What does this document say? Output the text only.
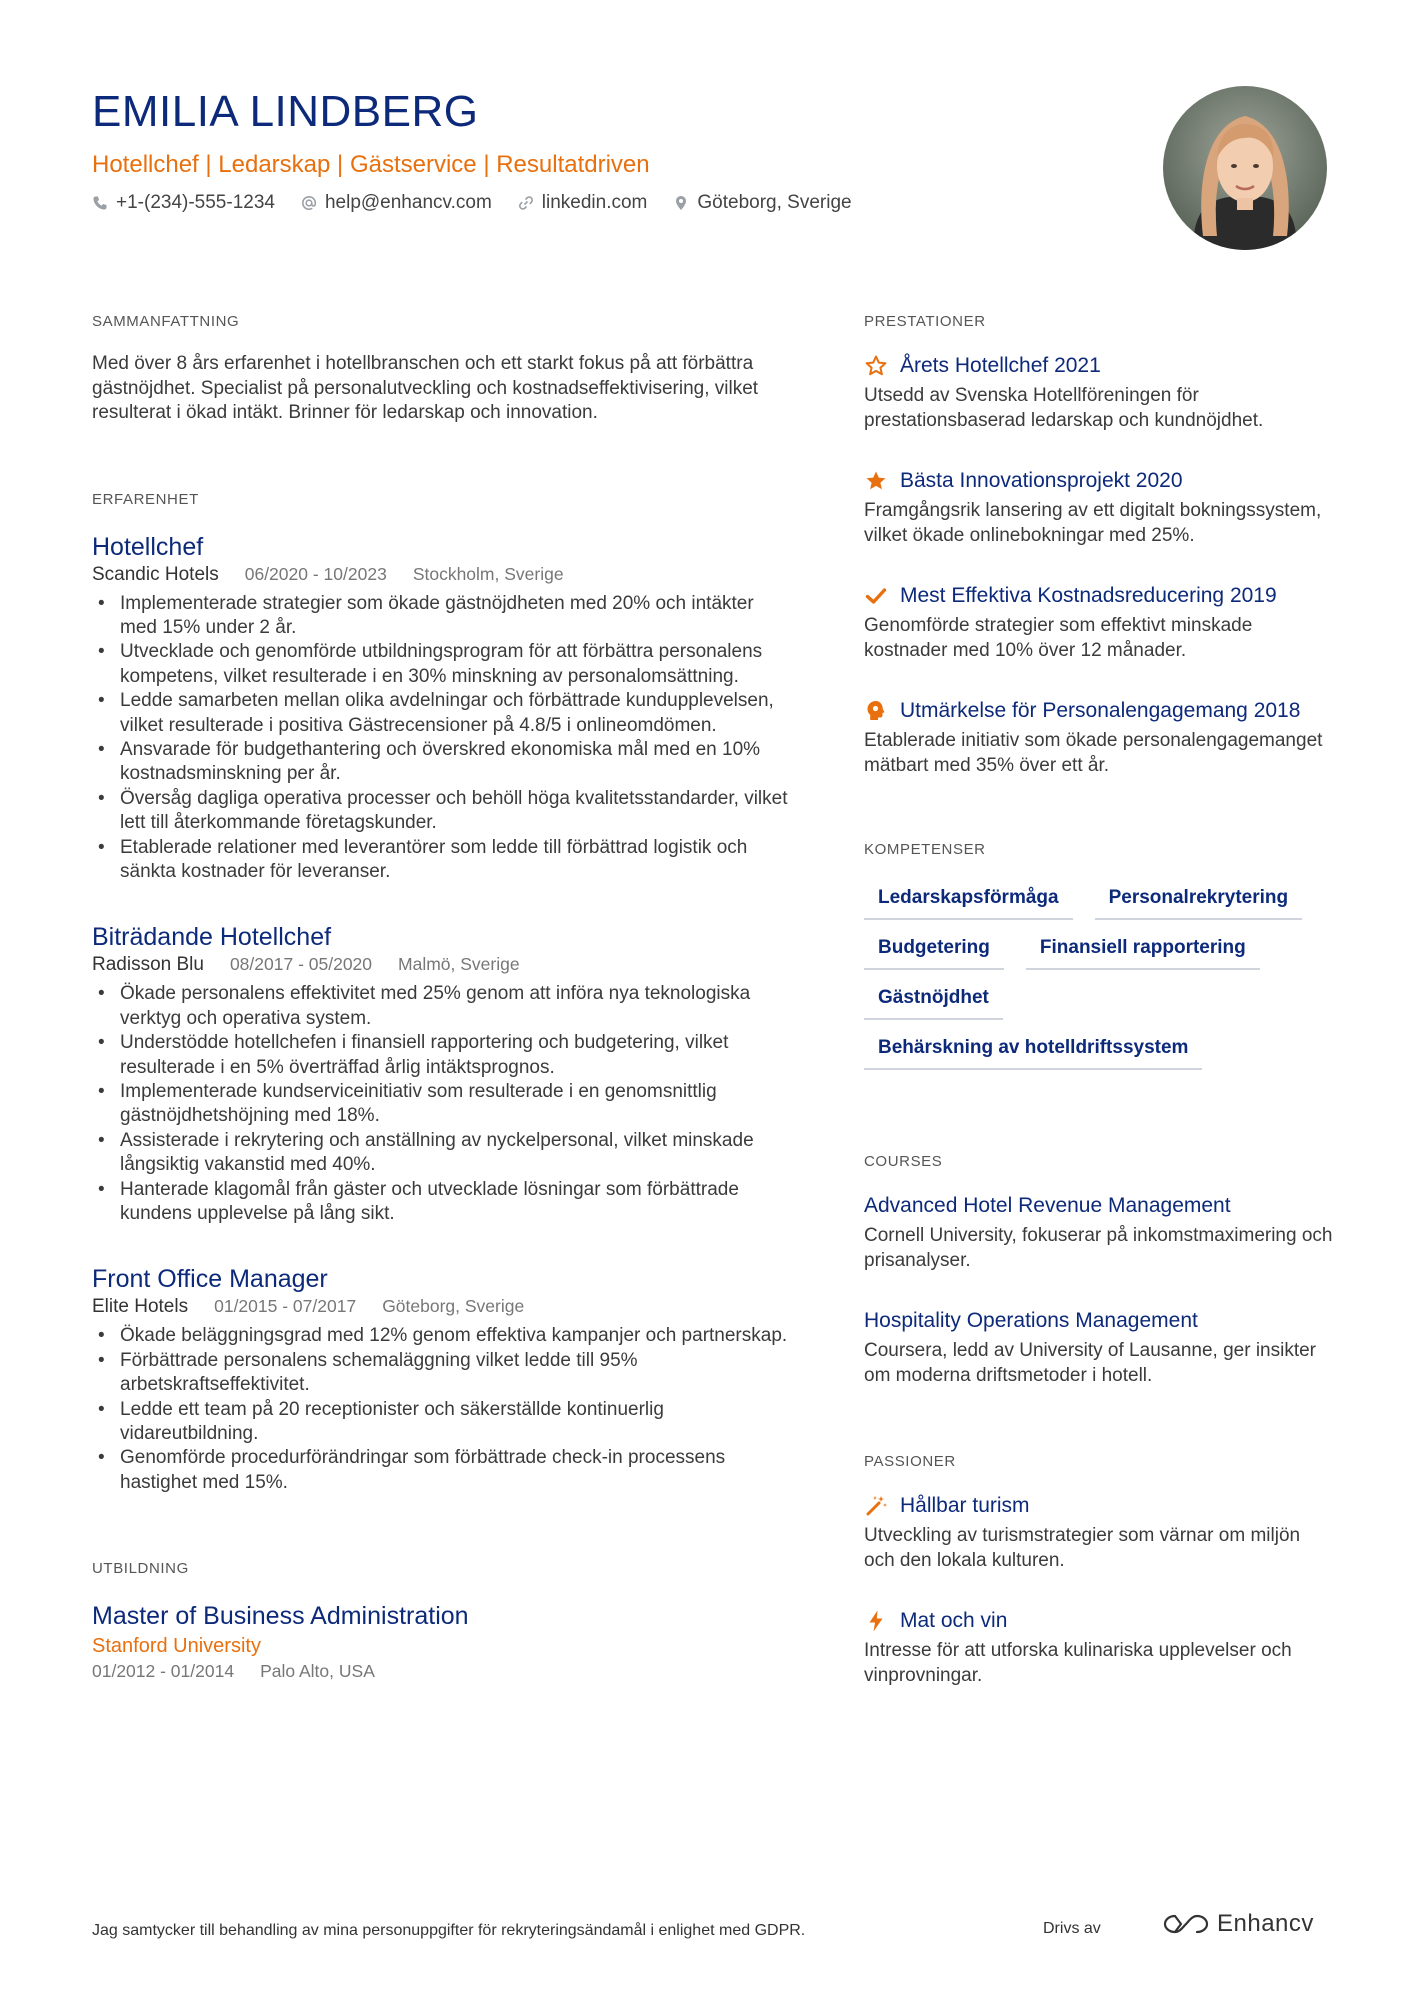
EMILIA LINDBERG
Hotellchef | Ledarskap | Gästservice | Resultatdriven
+1-(234)-555-1234	help@enhancv.com	linkedin.com	Göteborg, Sverige
SAMMANFATTNING
Med över 8 års erfarenhet i hotellbranschen och ett starkt fokus på att förbättra gästnöjdhet. Specialist på personalutveckling och kostnadseffektivisering, vilket resulterat i ökad intäkt. Brinner för ledarskap och innovation.
ERFARENHET
Hotellchef
Scandic Hotels 06/2020 - 10/2023 Stockholm, Sverige
• Implementerade strategier som ökade gästnöjdheten med 20% och intäkter med 15% under 2 år.
• Utvecklade och genomförde utbildningsprogram för att förbättra personalens kompetens, vilket resulterade i en 30% minskning av personalomsättning.
• Ledde samarbeten mellan olika avdelningar och förbättrade kundupplevelsen, vilket resulterade i positiva Gästrecensioner på 4.8/5 i onlineomdömen.
• Ansvarade för budgethantering och överskred ekonomiska mål med en 10% kostnadsminskning per år.
• Översåg dagliga operativa processer och behöll höga kvalitetsstandarder, vilket lett till återkommande företagskunder.
• Etablerade relationer med leverantörer som ledde till förbättrad logistik och sänkta kostnader för leveranser.
Biträdande Hotellchef
Radisson Blu 08/2017 - 05/2020 Malmö, Sverige
• Ökade personalens effektivitet med 25% genom att införa nya teknologiska verktyg och operativa system.
• Understödde hotellchefen i finansiell rapportering och budgetering, vilket resulterade i en 5% överträffad årlig intäktsprognos.
• Implementerade kundserviceinitiativ som resulterade i en genomsnittlig gästnöjdhetshöjning med 18%.
• Assisterade i rekrytering och anställning av nyckelpersonal, vilket minskade långsiktig vakanstid med 40%.
• Hanterade klagomål från gäster och utvecklade lösningar som förbättrade kundens upplevelse på lång sikt.
Front Office Manager
Elite Hotels 01/2015 - 07/2017 Göteborg, Sverige
• Ökade beläggningsgrad med 12% genom effektiva kampanjer och partnerskap.
• Förbättrade personalens schemaläggning vilket ledde till 95% arbetskraftseffektivitet.
• Ledde ett team på 20 receptionister och säkerställde kontinuerlig vidareutbildning.
• Genomförde procedurförändringar som förbättrade check-in processens hastighet med 15%.
UTBILDNING
Master of Business Administration
Stanford University
01/2012 - 01/2014 Palo Alto, USA
PRESTATIONER
Årets Hotellchef 2021
Utsedd av Svenska Hotellföreningen för prestationsbaserad ledarskap och kundnöjdhet.
Bästa Innovationsprojekt 2020
Framgångsrik lansering av ett digitalt bokningssystem, vilket ökade onlinebokningar med 25%.
Mest Effektiva Kostnadsreducering 2019
Genomförde strategier som effektivt minskade kostnader med 10% över 12 månader.
Utmärkelse för Personalengagemang 2018
Etablerade initiativ som ökade personalengagemanget mätbart med 35% över ett år.
KOMPETENSER
Ledarskapsförmåga	Personalrekrytering
Budgetering	Finansiell rapportering
Gästnöjdhet
Behärskning av hotelldriftssystem
COURSES
Advanced Hotel Revenue Management
Cornell University, fokuserar på inkomstmaximering och prisanalyser.
Hospitality Operations Management
Coursera, ledd av University of Lausanne, ger insikter om moderna driftsmetoder i hotell.
PASSIONER
Hållbar turism
Utveckling av turismstrategier som värnar om miljön och den lokala kulturen.
Mat och vin
Intresse för att utforska kulinariska upplevelser och vinprovningar.
Jag samtycker till behandling av mina personuppgifter för rekryteringsändamål i enlighet med GDPR.	Drivs av	Enhancv
